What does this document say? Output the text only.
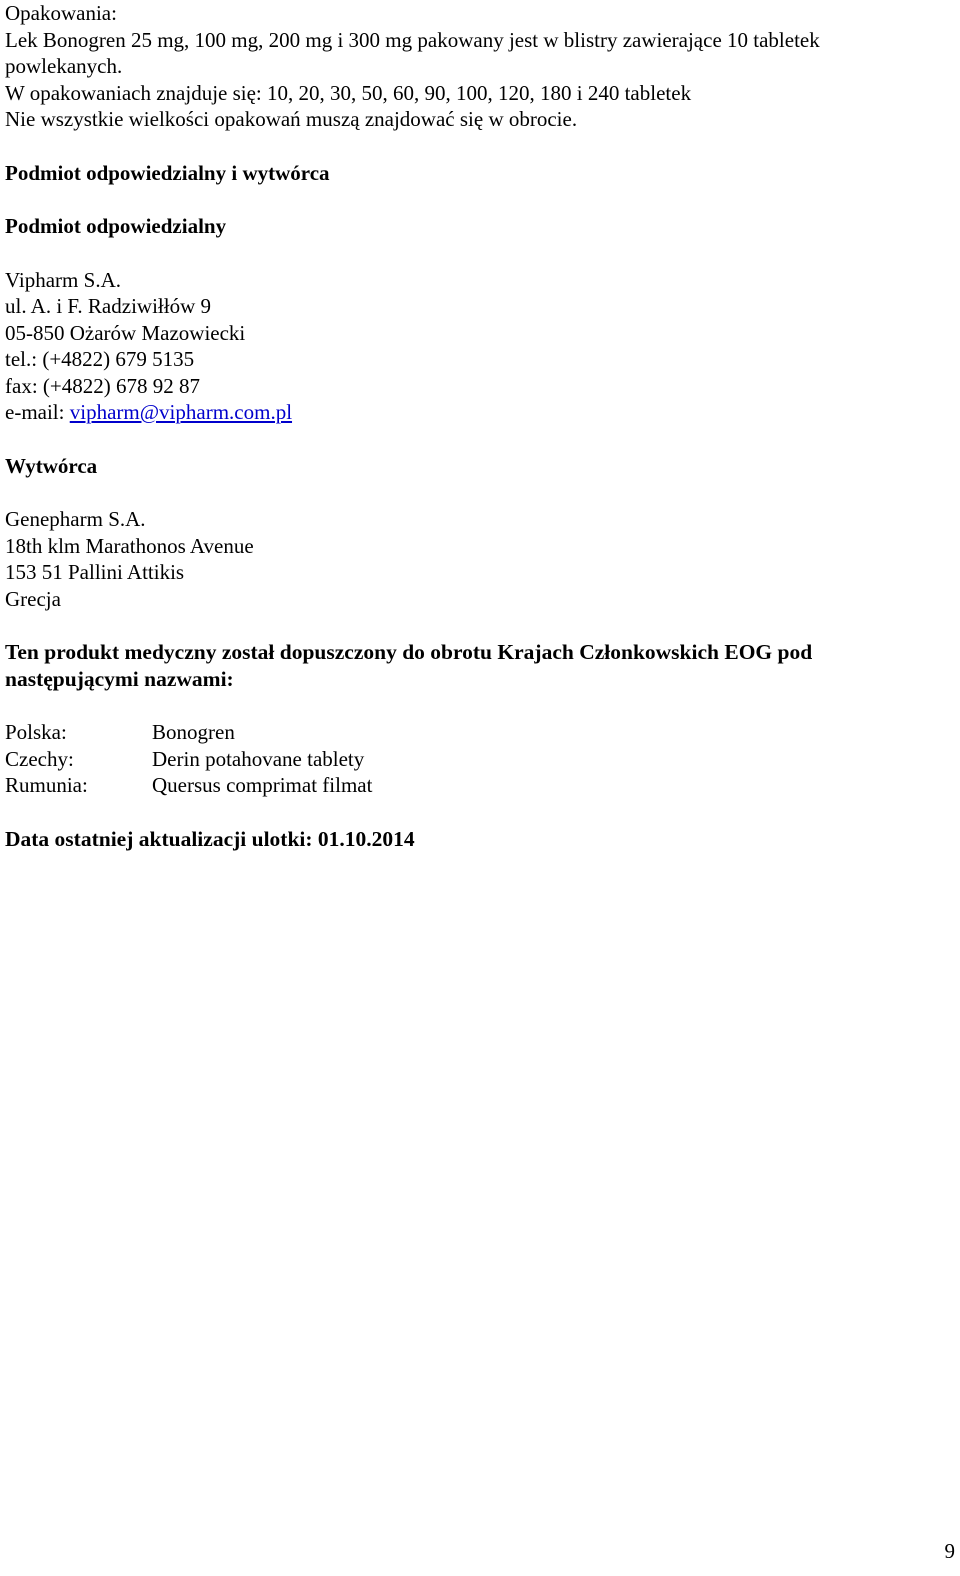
Opakowania:
Lek Bonogren 25 mg, 100 mg, 200 mg i 300 mg pakowany jest w blistry zawierające 10 tabletek
powlekanych.
W opakowaniach znajduje się: 10, 20, 30, 50, 60, 90, 100, 120, 180 i 240 tabletek
Nie wszystkie wielkości opakowań muszą znajdować się w obrocie.
Podmiot odpowiedzialny i wytwórca
Podmiot odpowiedzialny
Vipharm S.A.
ul. A. i F. Radziwiłłów 9
05-850 Ożarów Mazowiecki
tel.: (+4822) 679 5135
fax: (+4822) 678 92 87
e-mail: vipharm@vipharm.com.pl
Wytwórca
Genepharm S.A.
18th klm Marathonos Avenue
153 51 Pallini Attikis
Grecja
Ten produkt medyczny został dopuszczony do obrotu Krajach Członkowskich EOG pod
następującymi nazwami:
Polska:	Bonogren
Czechy:	Derin potahovane tablety
Rumunia:	Quersus comprimat filmat
Data ostatniej aktualizacji ulotki: 01.10.2014
9
